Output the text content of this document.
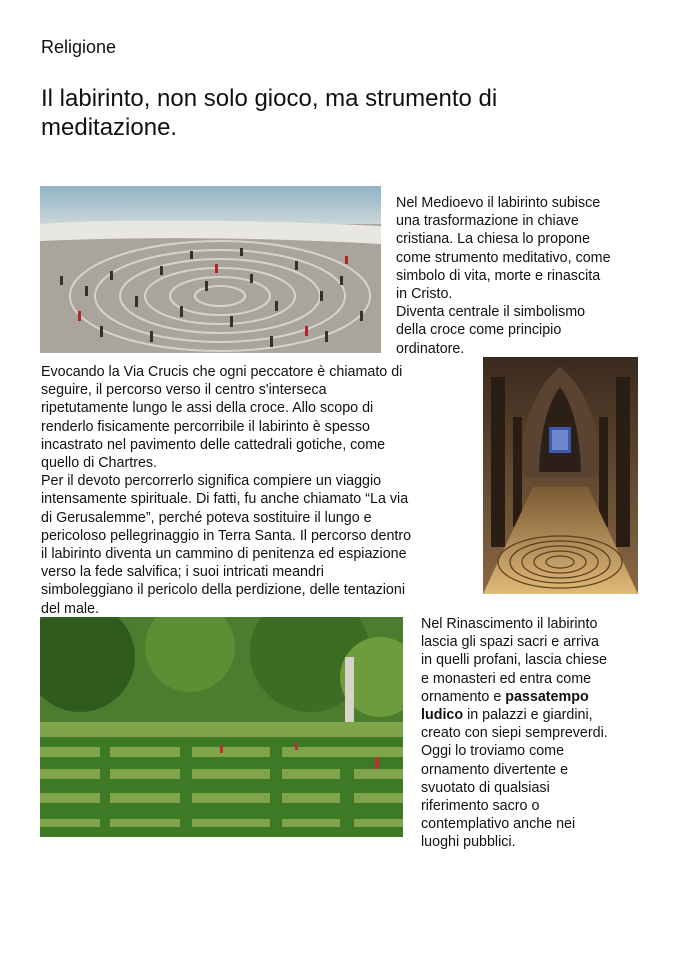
Religione
Il labirinto, non solo gioco, ma strumento di meditazione.
Nel Medioevo il labirinto subisce
una trasformazione in chiave
cristiana. La chiesa lo propone
come strumento meditativo, come
simbolo di vita, morte e rinascita
in Cristo.
Diventa centrale il simbolismo
della croce come principio
ordinatore.
Evocando la Via Crucis che ogni peccatore è chiamato di
seguire, il percorso verso il centro s'interseca
ripetutamente lungo le assi della croce. Allo scopo di
renderlo fisicamente percorribile il labirinto è spesso
incastrato nel pavimento delle cattedrali gotiche, come
quello di Chartres.
Per il devoto percorrerlo significa compiere un viaggio
intensamente spirituale. Di fatti, fu anche chiamato “La via
di Gerusalemme”, perché poteva sostituire il lungo e
pericoloso pellegrinaggio in Terra Santa. Il percorso dentro
il labirinto diventa un cammino di penitenza ed espiazione
verso la fede salvifica; i suoi intricati meandri
simboleggiano il pericolo della perdizione, delle tentazioni
del male.
Nel Rinascimento il labirinto
lascia gli spazi sacri e arriva
in quelli profani, lascia chiese
e monasteri ed entra come
ornamento e passatempo
ludico in palazzi e giardini,
creato con siepi sempreverdi.
Oggi lo troviamo come
ornamento divertente e
svuotato di qualsiasi
riferimento sacro o
contemplativo anche nei
luoghi pubblici.
